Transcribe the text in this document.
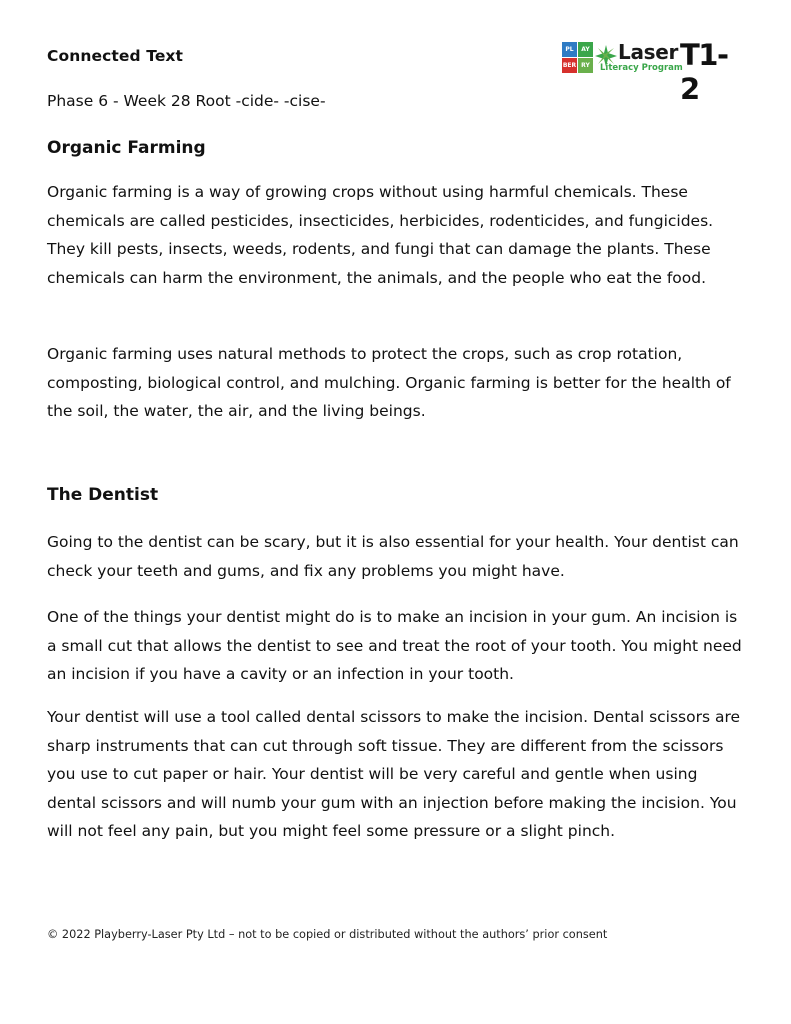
Connected Text
Phase 6 - Week 28 Root -cide- -cise-
PL	AY
BER RY
Laser
Literacy Program
T1-2
Organic Farming

Organic farming is a way of growing crops without using harmful chemicals. These chemicals are called pesticides, insecticides, herbicides, rodenticides, and fungicides. They kill pests, insects, weeds, rodents, and fungi that can damage the plants. These chemicals can harm the environment, the animals, and the people who eat the food.

Organic farming uses natural methods to protect the crops, such as crop rotation, composting, biological control, and mulching. Organic farming is better for the health of the soil, the water, the air, and the living beings.

The Dentist

Going to the dentist can be scary, but it is also essential for your health. Your dentist can check your teeth and gums, and fix any problems you might have.

One of the things your dentist might do is to make an incision in your gum. An incision is a small cut that allows the dentist to see and treat the root of your tooth. You might need an incision if you have a cavity or an infection in your tooth.

Your dentist will use a tool called dental scissors to make the incision. Dental scissors are sharp instruments that can cut through soft tissue. They are different from the scissors you use to cut paper or hair. Your dentist will be very careful and gentle when using dental scissors and will numb your gum with an injection before making the incision. You will not feel any pain, but you might feel some pressure or a slight pinch.

© 2022 Playberry-Laser Pty Ltd – not to be copied or distributed without the authors’ prior consent
